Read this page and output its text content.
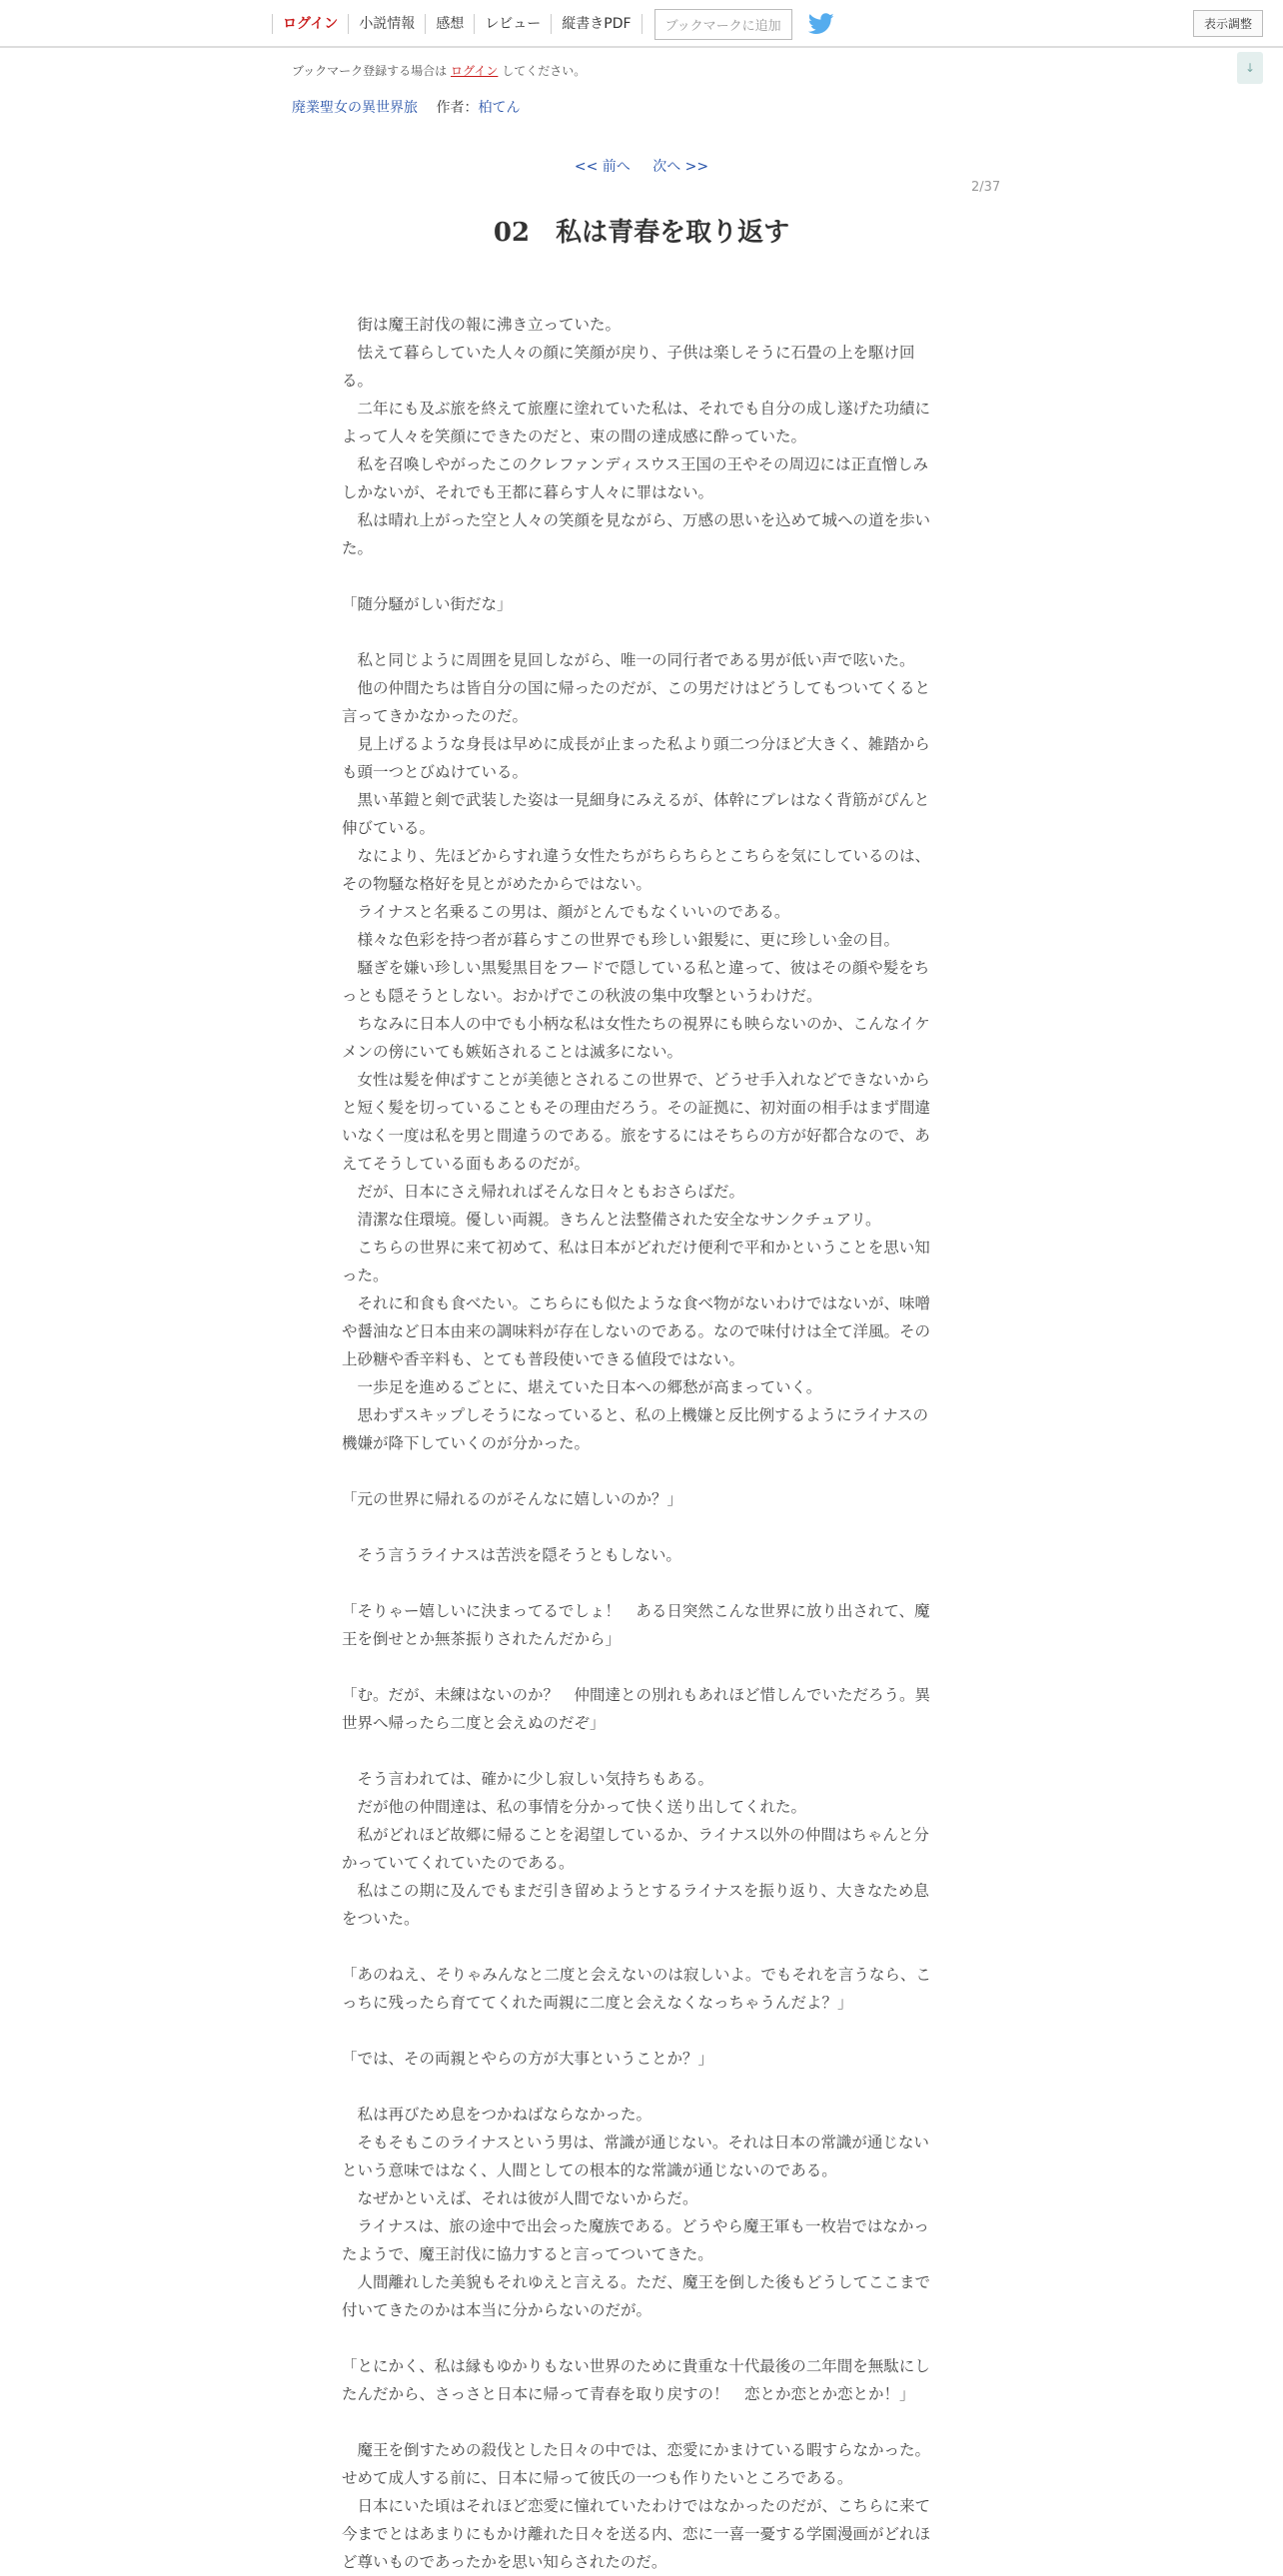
ログイン	小説情報	感想	レビュー	縦書きPDF	ブックマークに追加	表示調整
↓
ブックマーク登録する場合は ログイン してください。
廃業聖女の異世界旅 作者：柏てん
<< 前へ 次へ >>
2/37
02　私は青春を取り返す

　街は魔王討伐の報に沸き立っていた。

　怯えて暮らしていた人々の顔に笑顔が戻り、子供は楽しそうに石畳の上を駆け回る。

　二年にも及ぶ旅を終えて旅塵に塗れていた私は、それでも自分の成し遂げた功績によって人々を笑顔にできたのだと、束の間の達成感に酔っていた。

　私を召喚しやがったこのクレファンディスウス王国の王やその周辺には正直憎しみしかないが、それでも王都に暮らす人々に罪はない。

　私は晴れ上がった空と人々の笑顔を見ながら、万感の思いを込めて城への道を歩いた。

「随分騒がしい街だな」

　私と同じように周囲を見回しながら、唯一の同行者である男が低い声で呟いた。

　他の仲間たちは皆自分の国に帰ったのだが、この男だけはどうしてもついてくると言ってきかなかったのだ。

　見上げるような身長は早めに成長が止まった私より頭二つ分ほど大きく、雑踏からも頭一つとびぬけている。

　黒い革鎧と剣で武装した姿は一見細身にみえるが、体幹にブレはなく背筋がぴんと伸びている。

　なにより、先ほどからすれ違う女性たちがちらちらとこちらを気にしているのは、その物騒な格好を見とがめたからではない。

　ライナスと名乗るこの男は、顔がとんでもなくいいのである。

　様々な色彩を持つ者が暮らすこの世界でも珍しい銀髪に、更に珍しい金の目。

　騒ぎを嫌い珍しい黒髪黒目をフードで隠している私と違って、彼はその顔や髪をちっとも隠そうとしない。おかげでこの秋波の集中攻撃というわけだ。

　ちなみに日本人の中でも小柄な私は女性たちの視界にも映らないのか、こんなイケメンの傍にいても嫉妬されることは滅多にない。

　女性は髪を伸ばすことが美徳とされるこの世界で、どうせ手入れなどできないからと短く髪を切っていることもその理由だろう。その証拠に、初対面の相手はまず間違いなく一度は私を男と間違うのである。旅をするにはそちらの方が好都合なので、あえてそうしている面もあるのだが。

　だが、日本にさえ帰れればそんな日々ともおさらばだ。

　清潔な住環境。優しい両親。きちんと法整備された安全なサンクチュアリ。

　こちらの世界に来て初めて、私は日本がどれだけ便利で平和かということを思い知った。

　それに和食も食べたい。こちらにも似たような食べ物がないわけではないが、味噌や醤油など日本由来の調味料が存在しないのである。なので味付けは全て洋風。その上砂糖や香辛料も、とても普段使いできる値段ではない。

　一歩足を進めるごとに、堪えていた日本への郷愁が高まっていく。

　思わずスキップしそうになっていると、私の上機嫌と反比例するようにライナスの機嫌が降下していくのが分かった。

「元の世界に帰れるのがそんなに嬉しいのか？」

　そう言うライナスは苦渋を隠そうともしない。

「そりゃー嬉しいに決まってるでしょ！　ある日突然こんな世界に放り出されて、魔王を倒せとか無茶振りされたんだから」

「む。だが、未練はないのか？　仲間達との別れもあれほど惜しんでいただろう。異世界へ帰ったら二度と会えぬのだぞ」

　そう言われては、確かに少し寂しい気持ちもある。

　だが他の仲間達は、私の事情を分かって快く送り出してくれた。

　私がどれほど故郷に帰ることを渇望しているか、ライナス以外の仲間はちゃんと分かっていてくれていたのである。

　私はこの期に及んでもまだ引き留めようとするライナスを振り返り、大きなため息をついた。

「あのねえ、そりゃみんなと二度と会えないのは寂しいよ。でもそれを言うなら、こっちに残ったら育ててくれた両親に二度と会えなくなっちゃうんだよ？」

「では、その両親とやらの方が大事ということか？」

　私は再びため息をつかねばならなかった。

　そもそもこのライナスという男は、常識が通じない。それは日本の常識が通じないという意味ではなく、人間としての根本的な常識が通じないのである。

　なぜかといえば、それは彼が人間でないからだ。

　ライナスは、旅の途中で出会った魔族である。どうやら魔王軍も一枚岩ではなかったようで、魔王討伐に協力すると言ってついてきた。

　人間離れした美貌もそれゆえと言える。ただ、魔王を倒した後もどうしてここまで付いてきたのかは本当に分からないのだが。

「とにかく、私は縁もゆかりもない世界のために貴重な十代最後の二年間を無駄にしたんだから、さっさと日本に帰って青春を取り戻すの！　恋とか恋とか恋とか！」

　魔王を倒すための殺伐とした日々の中では、恋愛にかまけている暇すらなかった。せめて成人する前に、日本に帰って彼氏の一つも作りたいところである。

　日本にいた頃はそれほど恋愛に憧れていたわけではなかったのだが、こちらに来て今までとはあまりにもかけ離れた日々を送る内、恋に一喜一憂する学園漫画がどれほど尊いものであったかを思い知らされたのだ。
